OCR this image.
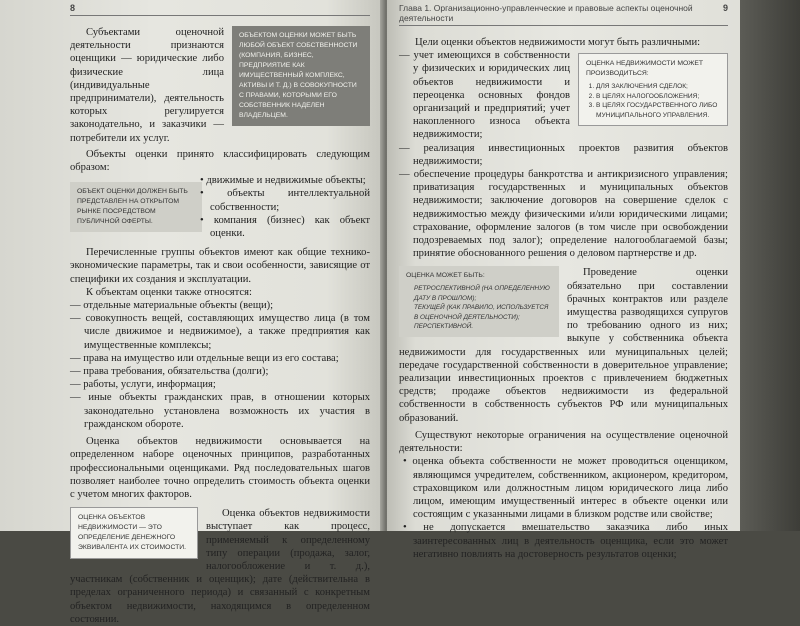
8
ОБЪЕКТОМ ОЦЕНКИ МОЖЕТ БЫТЬ ЛЮБОЙ ОБЪЕКТ СОБСТВЕННОСТИ (КОМПАНИЯ, БИЗНЕС, ПРЕДПРИЯТИЕ КАК ИМУЩЕСТВЕННЫЙ КОМПЛЕКС, АКТИВЫ И Т. Д.) В СОВОКУПНОСТИ С ПРАВАМИ, КОТОРЫМИ ЕГО СОБСТВЕННИК НАДЕЛЕН ВЛАДЕЛЬЦЕМ.

Субъектами оценочной деятельности признаются оценщики — юридические либо физические лица (индивидуальные предприниматели), деятельность которых регулируется законодательно, и заказчики — потребители их услуг.

Объекты оценки принято классифицировать следующим образом:

ОБЪЕКТ ОЦЕНКИ ДОЛЖЕН БЫТЬ ПРЕДСТАВЛЕН НА ОТКРЫТОМ РЫНКЕ ПОСРЕДСТВОМ ПУБЛИЧНОЙ ОФЕРТЫ.
• движимые и недвижимые объекты;
• объекты интеллектуальной собственности;
• компания (бизнес) как объект оценки.

Перечисленные группы объектов имеют как общие технико-экономические параметры, так и свои особенности, зависящие от специфики их создания и эксплуатации.

К объектам оценки также относятся:

— отдельные материальные объекты (вещи);
— совокупность вещей, составляющих имущество лица (в том числе движимое и недвижимое), а также предприятия как имущественные комплексы;
— права на имущество или отдельные вещи из его состава;
— права требования, обязательства (долги);
— работы, услуги, информация;
— иные объекты гражданских прав, в отношении которых законодательно установлена возможность их участия в гражданском обороте.

Оценка объектов недвижимости основывается на определенном наборе оценочных принципов, разработанных профессиональными оценщиками. Ряд последовательных шагов позволяет наиболее точно определить стоимость объекта оценки с учетом многих факторов.

ОЦЕНКА ОБЪЕКТОВ НЕДВИЖИМОСТИ — ЭТО ОПРЕДЕЛЕНИЕ ДЕНЕЖНОГО ЭКВИВАЛЕНТА ИХ СТОИМОСТИ.

Оценка объектов недвижимости выступает как процесс, применяемый к определенному типу операции (продажа, залог, налогообложение и т. д.), участникам (собственник и оценщик); дате (действительна в пределах ограниченного периода) и связанный с конкретным объектом недвижимости, находящимся в определенном состоянии.

Глава 1. Организационно-управленческие и правовые аспекты оценочной деятельности
9

Цели оценки объектов недвижимости могут быть различными:

ОЦЕНКА НЕДВИЖИМОСТИ МОЖЕТ ПРОИЗВОДИТЬСЯ:
1. ДЛЯ ЗАКЛЮЧЕНИЯ СДЕЛОК;
2. В ЦЕЛЯХ НАЛОГООБЛОЖЕНИЯ;
3. В ЦЕЛЯХ ГОСУДАРСТВЕННОГО ЛИБО МУНИЦИПАЛЬНОГО УПРАВЛЕНИЯ.
— учет имеющихся в собственности у физических и юридических лиц объектов недвижимости и переоценка основных фондов организаций и предприятий; учет накопленного износа объекта недвижимости;
— реализация инвестиционных проектов развития объектов недвижимости;
— обеспечение процедуры банкротства и антикризисного управления; приватизация государственных и муниципальных объектов недвижимости; заключение договоров на совершение сделок с недвижимостью между физическими и/или юридическими лицами; страхование, оформление залогов (в том числе при освобождении подозреваемых под залог); определение налогооблагаемой базы; принятие обоснованного решения о деловом партнерстве и др.
ОЦЕНКА МОЖЕТ БЫТЬ:
РЕТРОСПЕКТИВНОЙ (НА ОПРЕДЕЛЕННУЮ ДАТУ В ПРОШЛОМ);
ТЕКУЩЕЙ (КАК ПРАВИЛО, ИСПОЛЬЗУЕТСЯ В ОЦЕНОЧНОЙ ДЕЯТЕЛЬНОСТИ);
ПЕРСПЕКТИВНОЙ.

Проведение оценки обязательно при составлении брачных контрактов или разделе имущества разводящихся супругов по требованию одного из них; выкупе у собственника объекта недвижимости для государственных или муниципальных целей; передаче государственной собственности в доверительное управление; реализации инвестиционных проектов с привлечением бюджетных средств; продаже объектов недвижимости из федеральной собственности в собственность субъектов РФ или муниципальных образований.

Существуют некоторые ограничения на осуществление оценочной деятельности:

• оценка объекта собственности не может проводиться оценщиком, являющимся учредителем, собственником, акционером, кредитором, страховщиком или должностным лицом юридического лица либо лицом, имеющим имущественный интерес в объекте оценки или состоящим с указанными лицами в близком родстве или свойстве;
• не допускается вмешательство заказчика либо иных заинтересованных лиц в деятельность оценщика, если это может негативно повлиять на достоверность результатов оценки;
